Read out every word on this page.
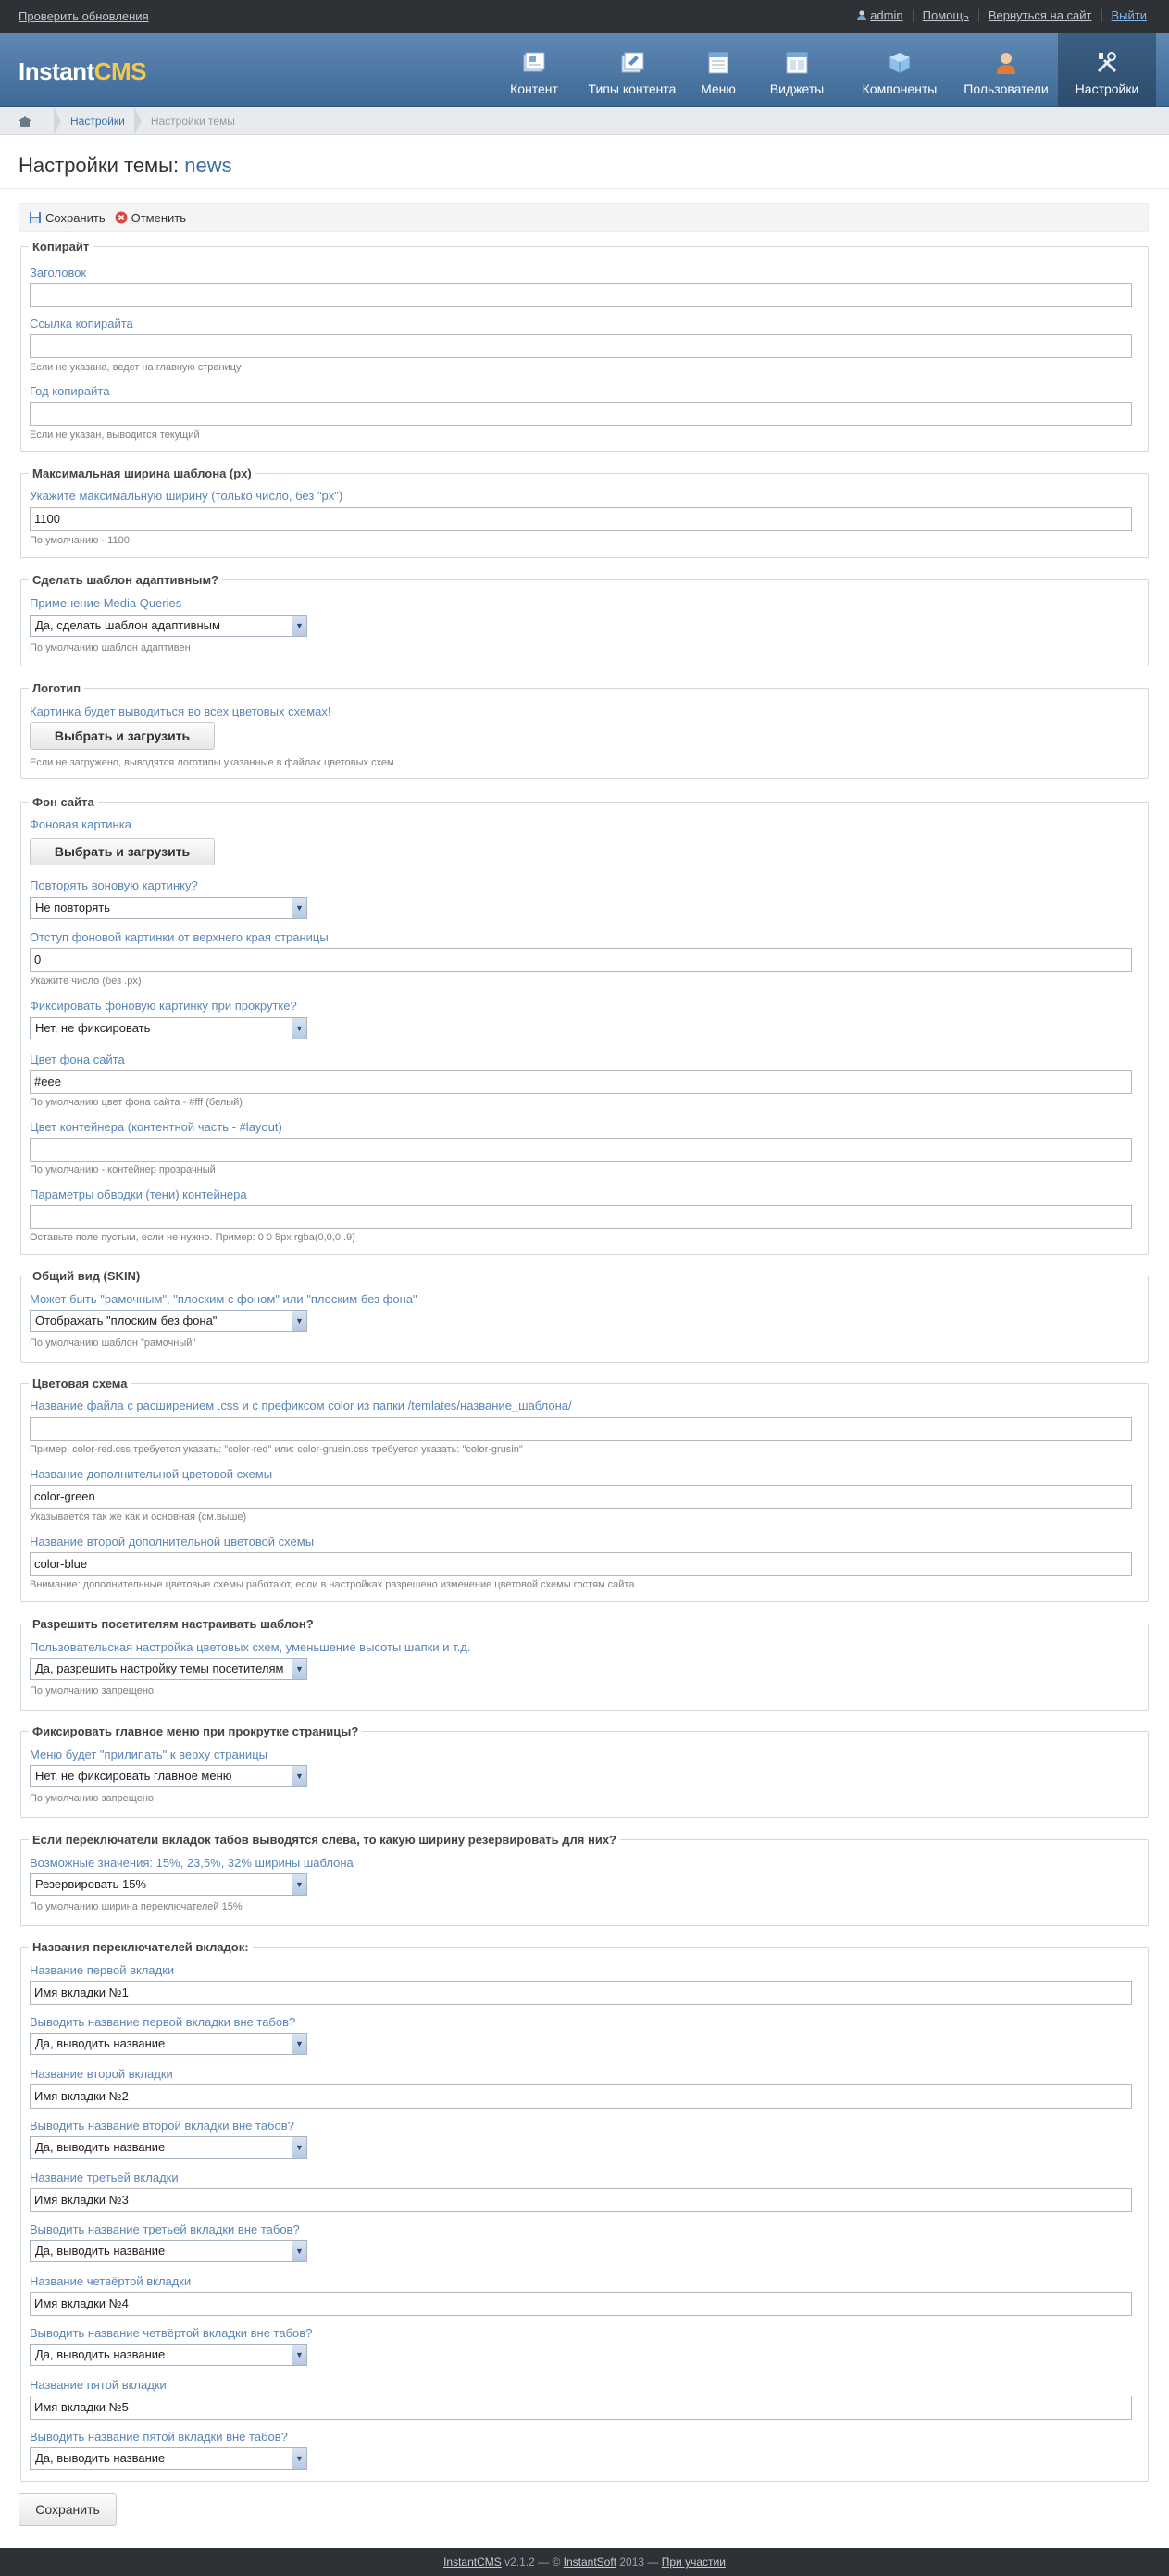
Проверить обновления	admin	Помощь	Вернуться на сайт	Выйти
InstantCMS
Контент Типы контента Меню	Виджеты	Компоненты Пользователи Настройки
Настройки Настройки темы
Настройки темы: news
Сохранить Отменить
Копирайт
Заголовок
Ссылка копирайта
Если не указана, ведет на главную страницу
Год копирайта
Если не указан, выводится текущий
Максимальная ширина шаблона (px)
Укажите максимальную ширину (только число, без "px")
1100
По умолчанию - 1100
Сделать шаблон адаптивным?
Применение Media Queries
Да, сделать шаблон адаптивным	▼
По умолчанию шаблон адаптивен
Логотип
Картинка будет выводиться во всех цветовых схемах!
Выбрать и загрузить
Если не загружено, выводятся логотипы указанные в файлах цветовых схем
Фон сайта
Фоновая картинка
Выбрать и загрузить
Повторять воновую картинку?
Не повторять	▼
Отступ фоновой картинки от верхнего края страницы
0
Укажите число (без .px)
Фиксировать фоновую картинку при прокрутке?
Нет, не фиксировать	▼
Цвет фона сайта
#eee
По умолчанию цвет фона сайта - #fff (белый)
Цвет контейнера (контентной часть - #layout)
По умолчанию - контейнер прозрачный
Параметры обводки (тени) контейнера
Оставьте поле пустым, если не нужно. Пример: 0 0 5px rgba(0,0,0,.9)
Общий вид (SKIN)
Может быть "рамочным", "плоским с фоном" или "плоским без фона"
Отображать "плоским без фона"	▼
По умолчанию шаблон "рамочный"
Цветовая схема
Название файла с расширением .css и с префиксом color из папки /temlates/название_шаблона/
Пример: color-red.css требуется указать: "color-red" или: color-grusin.css требуется указать: "color-grusin"
Название дополнительной цветовой схемы
color-green
Указывается так же как и основная (см.выше)
Название второй дополнительной цветовой схемы
color-blue
Внимание: дополнительные цветовые схемы работают, если в настройках разрешено изменение цветовой схемы гостям сайта
Разрешить посетителям настраивать шаблон?
Пользовательская настройка цветовых схем, уменьшение высоты шапки и т.д.
Да, разрешить настройку темы посетителям	▼
По умолчанию запрещено
Фиксировать главное меню при прокрутке страницы?
Меню будет "прилипать" к верху страницы
Нет, не фиксировать главное меню	▼
По умолчанию запрещено
Если переключатели вкладок табов выводятся слева, то какую ширину резервировать для них?
Возможные значения: 15%, 23,5%, 32% ширины шаблона
Резервировать 15%	▼
По умолчанию ширина переключателей 15%
Названия переключателей вкладок:
Название первой вкладки
Имя вкладки №1
Выводить название первой вкладки вне табов?
Да, выводить название	▼
Название второй вкладки
Имя вкладки №2
Выводить название второй вкладки вне табов?
Да, выводить название	▼
Название третьей вкладки
Имя вкладки №3
Выводить название третьей вкладки вне табов?
Да, выводить название	▼
Название четвёртой вкладки
Имя вкладки №4
Выводить название четвёртой вкладки вне табов?
Да, выводить название	▼
Название пятой вкладки
Имя вкладки №5
Выводить название пятой вкладки вне табов?
Да, выводить название	▼
Сохранить
InstantCMS v2.1.2 — © InstantSoft 2013 — При участии
